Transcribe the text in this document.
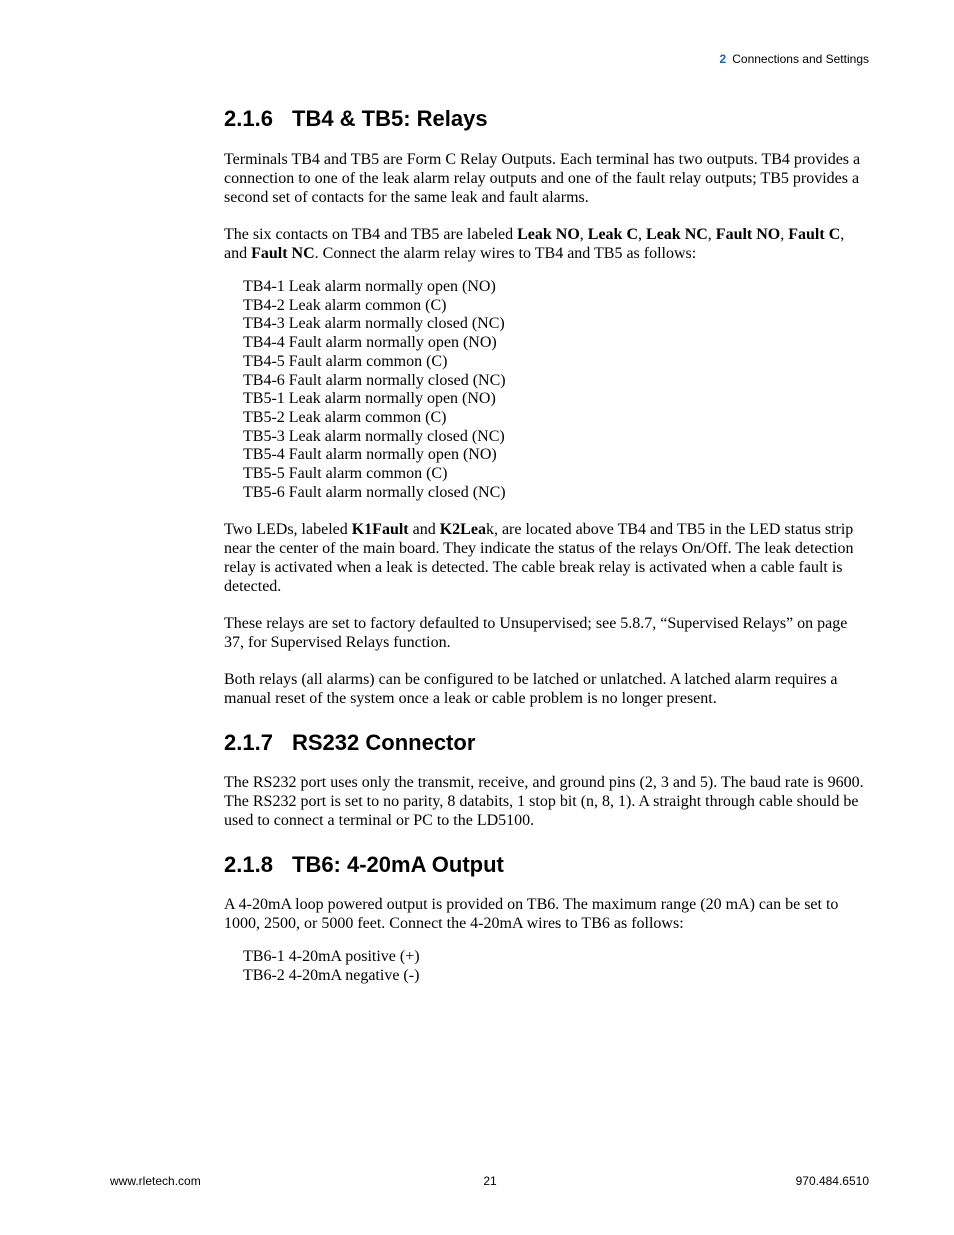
2 Connections and Settings
2.1.6 TB4 & TB5: Relays

Terminals TB4 and TB5 are Form C Relay Outputs. Each terminal has two outputs. TB4 provides a connection to one of the leak alarm relay outputs and one of the fault relay outputs; TB5 provides a second set of contacts for the same leak and fault alarms.

The six contacts on TB4 and TB5 are labeled Leak NO, Leak C, Leak NC, Fault NO, Fault C, and Fault NC. Connect the alarm relay wires to TB4 and TB5 as follows:

TB4-1 Leak alarm normally open (NO)
TB4-2 Leak alarm common (C)
TB4-3 Leak alarm normally closed (NC)
TB4-4 Fault alarm normally open (NO)
TB4-5 Fault alarm common (C)
TB4-6 Fault alarm normally closed (NC)
TB5-1 Leak alarm normally open (NO)
TB5-2 Leak alarm common (C)
TB5-3 Leak alarm normally closed (NC)
TB5-4 Fault alarm normally open (NO)
TB5-5 Fault alarm common (C)
TB5-6 Fault alarm normally closed (NC)

Two LEDs, labeled K1Fault and K2Leak, are located above TB4 and TB5 in the LED status strip near the center of the main board. They indicate the status of the relays On/Off. The leak detection relay is activated when a leak is detected. The cable break relay is activated when a cable fault is detected.

These relays are set to factory defaulted to Unsupervised; see 5.8.7, “Supervised Relays” on page 37, for Supervised Relays function.

Both relays (all alarms) can be configured to be latched or unlatched. A latched alarm requires a manual reset of the system once a leak or cable problem is no longer present.

2.1.7 RS232 Connector

The RS232 port uses only the transmit, receive, and ground pins (2, 3 and 5). The baud rate is 9600. The RS232 port is set to no parity, 8 databits, 1 stop bit (n, 8, 1). A straight through cable should be used to connect a terminal or PC to the LD5100.

2.1.8 TB6: 4-20mA Output

A 4-20mA loop powered output is provided on TB6. The maximum range (20 mA) can be set to 1000, 2500, or 5000 feet. Connect the 4-20mA wires to TB6 as follows:

TB6-1 4-20mA positive (+)
TB6-2 4-20mA negative (-)
www.rletech.com	21	970.484.6510
